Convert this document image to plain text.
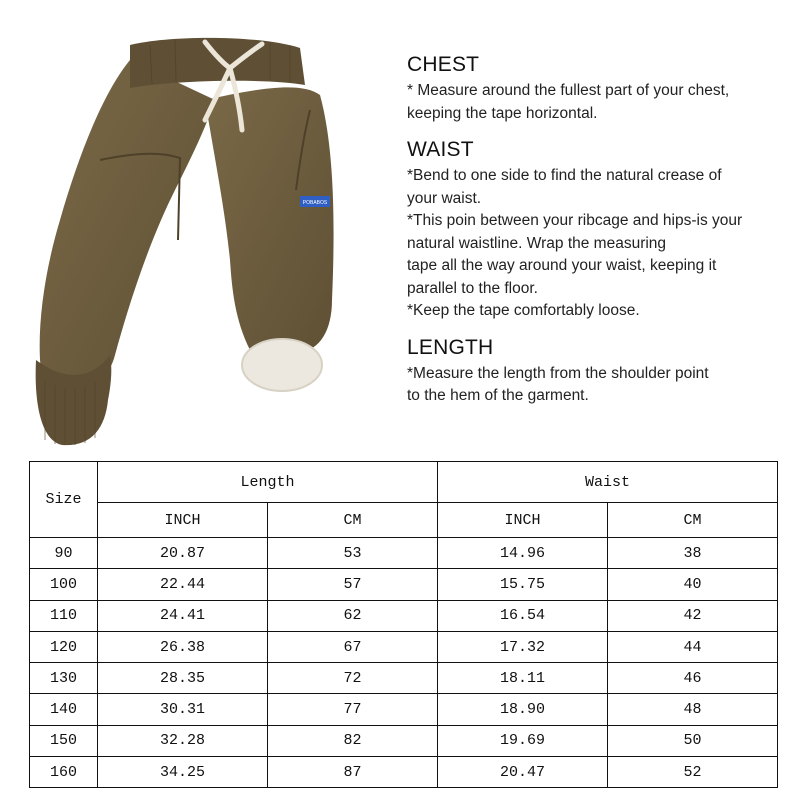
POBABOS
CHEST
* Measure around the fullest part of your chest,
keeping the tape horizontal.
WAIST
*Bend to one side to find the natural crease of
your waist.
*This poin between your ribcage and hips-is your
natural waistline. Wrap the measuring
tape all the way around your waist, keeping it
parallel to the floor.
*Keep the tape comfortably loose.
LENGTH
*Measure the length from the shoulder point
to the hem of the garment.
Size	Length		Waist	
	INCH	CM	INCH	CM
90	20.87	53	14.96	38
100	22.44	57	15.75	40
110	24.41	62	16.54	42
120	26.38	67	17.32	44
130	28.35	72	18.11	46
140	30.31	77	18.90	48
150	32.28	82	19.69	50
160	34.25	87	20.47	52
